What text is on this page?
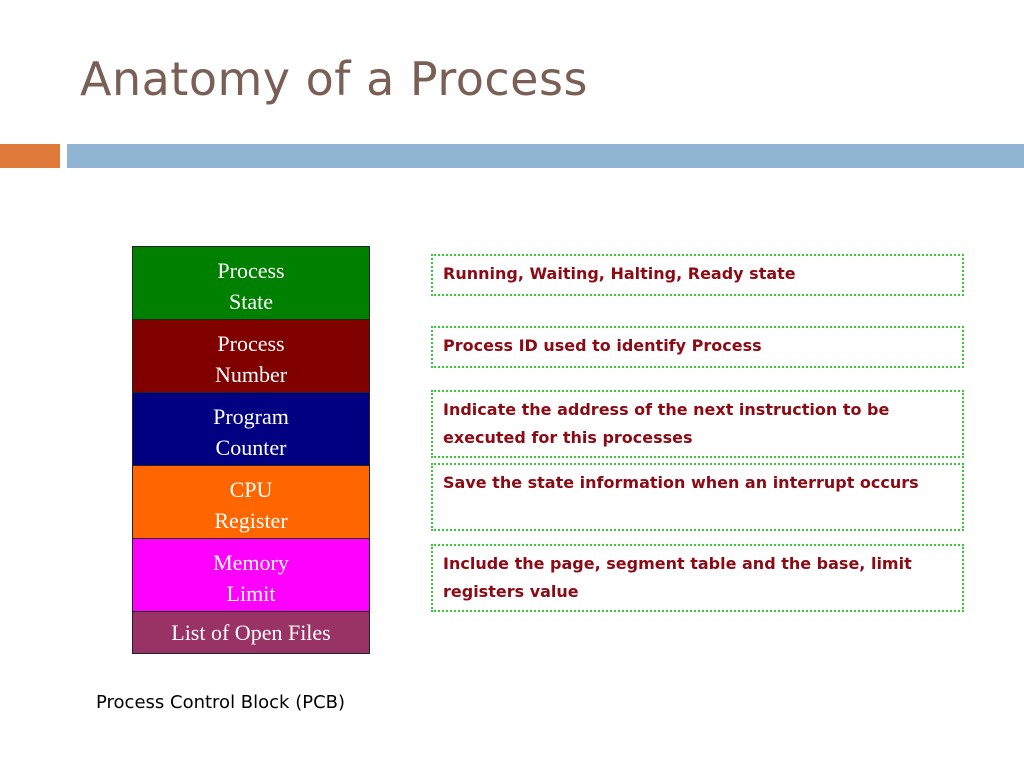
Anatomy of a Process
Process
State
Process
Number
Program
Counter
CPU
Register
Memory
Limit
List of Open Files
Running, Waiting, Halting, Ready state
Process ID used to identify Process
Indicate the address of the next instruction to be executed for this processes
Save the state information when an interrupt occurs
Include the page, segment table and the base, limit registers value
Process Control Block (PCB)
